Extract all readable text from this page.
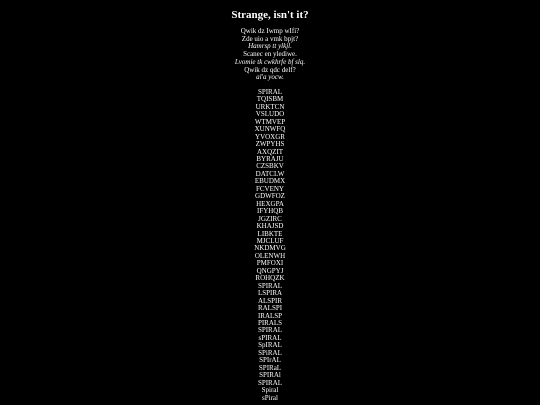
Strange, isn't it?
Qwik dz Iwmp wIfi?
Zde uio a vmk bpjt?
Hamrsp tt ylkjl.
Scanec en ylediwe.
Lvomie tk cwkhrfe bf slq.
Qwik dz qdc delf?
al'a yocw.
SPIRAL
TQISBM
URKTCN
VSLUDO
WTMVEP
XUNWFQ
YVOXGR
ZWPYHS
AXQZIT
BYRAJU
CZSBKV
DATCLW
EBUDMX
FCVENY
GDWFOZ
HEXGPA
IFYHQB
JGZIRC
KHAJSD
LIBKTE
MJCLUF
NKDMVG
OLENWH
PMFOXI
QNGPYJ
ROHQZK
SPIRAL
LSPIRA
ALSPIR
RALSPI
IRALSP
PIRALS
SPIRAL
sPIRAL
SpIRAL
SPiRAL
SPIrAL
SPIRaL
SPIRAl
SPIRAL
Spiral
sPiral
